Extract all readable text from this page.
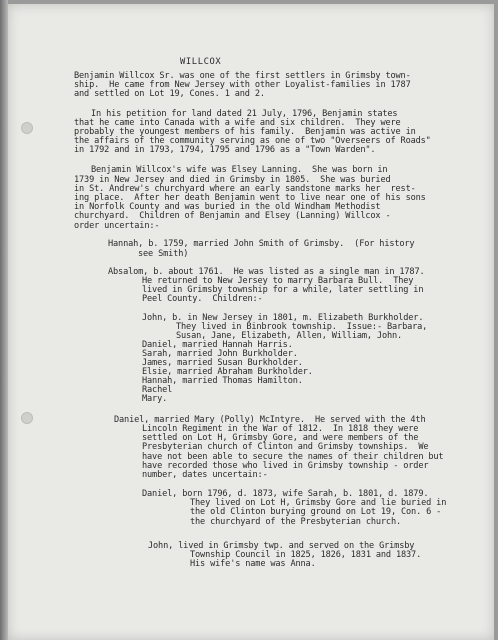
WILLCOX

Benjamin Willcox Sr. was one of the first settlers in Grimsby town-

ship.  He came from New Jersey with other Loyalist-families in 1787

and settled on Lot 19, Cones. 1 and 2.

In his petition for land dated 21 July, 1796, Benjamin states

that he came into Canada with a wife and six children.  They were

probably the youngest members of his family.  Benjamin was active in

the affairs of the community serving as one of two "Overseers of Roads"

in 1792 and in 1793, 1794, 1795 and 1796 as a "Town Warden".

Benjamin Willcox's wife was Elsey Lanning.  She was born in

1739 in New Jersey and died in Grimsby in 1805.  She was buried

in St. Andrew's churchyard where an early sandstone marks her  rest-

ing place.  After her death Benjamin went to live near one of his sons

in Norfolk County and was buried in the old Windham Methodist

churchyard.  Children of Benjamin and Elsey (Lanning) Willcox -

order uncertain:-

Hannah, b. 1759, married John Smith of Grimsby.  (For history

see Smith)

Absalom, b. about 1761.  He was listed as a single man in 1787.

He returned to New Jersey to marry Barbara Bull.  They

lived in Grimsby township for a while, later settling in

Peel County.  Children:-

John, b. in New Jersey in 1801, m. Elizabeth Burkholder.

They lived in Binbrook township.  Issue:- Barbara,

Susan, Jane, Elizabeth, Allen, William, John.

Daniel, married Hannah Harris.

Sarah, married John Burkholder.

James, married Susan Burkholder.

Elsie, married Abraham Burkholder.

Hannah, married Thomas Hamilton.

Rachel

Mary.

Daniel, married Mary (Polly) McIntyre.  He served with the 4th

Lincoln Regiment in the War of 1812.  In 1818 they were

settled on Lot H, Grimsby Gore, and were members of the

Presbyterian church of Clinton and Grimsby townships.  We

have not been able to secure the names of their children but

have recorded those who lived in Grimsby township - order

number, dates uncertain:-

Daniel, born 1796, d. 1873, wife Sarah, b. 1801, d. 1879.

They lived on Lot H, Grimsby Gore and lie buried in

the old Clinton burying ground on Lot 19, Con. 6 -

the churchyard of the Presbyterian church.

John, lived in Grimsby twp. and served on the Grimsby

Township Council in 1825, 1826, 1831 and 1837.

His wife's name was Anna.
